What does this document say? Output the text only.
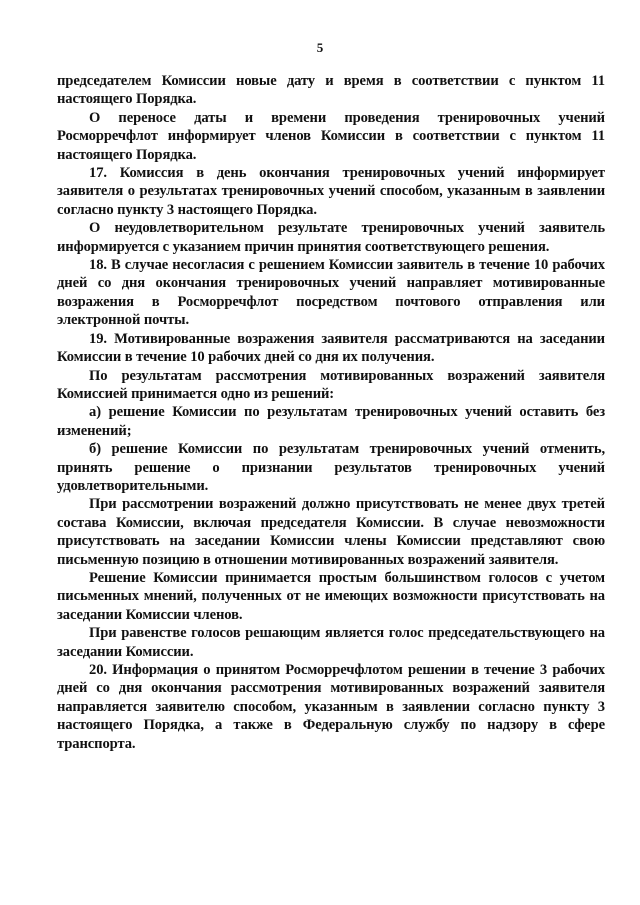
5

председателем Комиссии новые дату и время в соответствии с пунктом 11 настоящего Порядка.

О переносе даты и времени проведения тренировочных учений Росморречфлот информирует членов Комиссии в соответствии с пунктом 11 настоящего Порядка.

17. Комиссия в день окончания тренировочных учений информирует заявителя о результатах тренировочных учений способом, указанным в заявлении согласно пункту 3 настоящего Порядка.

О неудовлетворительном результате тренировочных учений заявитель информируется с указанием причин принятия соответствующего решения.

18. В случае несогласия с решением Комиссии заявитель в течение 10 рабочих дней со дня окончания тренировочных учений направляет мотивированные возражения в Росморречфлот посредством почтового отправления или электронной почты.

19. Мотивированные возражения заявителя рассматриваются на заседании Комиссии в течение 10 рабочих дней со дня их получения.

По результатам рассмотрения мотивированных возражений заявителя Комиссией принимается одно из решений:

а) решение Комиссии по результатам тренировочных учений оставить без изменений;

б) решение Комиссии по результатам тренировочных учений отменить, принять решение о признании результатов тренировочных учений удовлетворительными.

При рассмотрении возражений должно присутствовать не менее двух третей состава Комиссии, включая председателя Комиссии. В случае невозможности присутствовать на заседании Комиссии члены Комиссии представляют свою письменную позицию в отношении мотивированных возражений заявителя.

Решение Комиссии принимается простым большинством голосов с учетом письменных мнений, полученных от не имеющих возможности присутствовать на заседании Комиссии членов.

При равенстве голосов решающим является голос председательствующего на заседании Комиссии.

20. Информация о принятом Росморречфлотом решении в течение 3 рабочих дней со дня окончания рассмотрения мотивированных возражений заявителя направляется заявителю способом, указанным в заявлении согласно пункту 3 настоящего Порядка, а также в Федеральную службу по надзору в сфере транспорта.
